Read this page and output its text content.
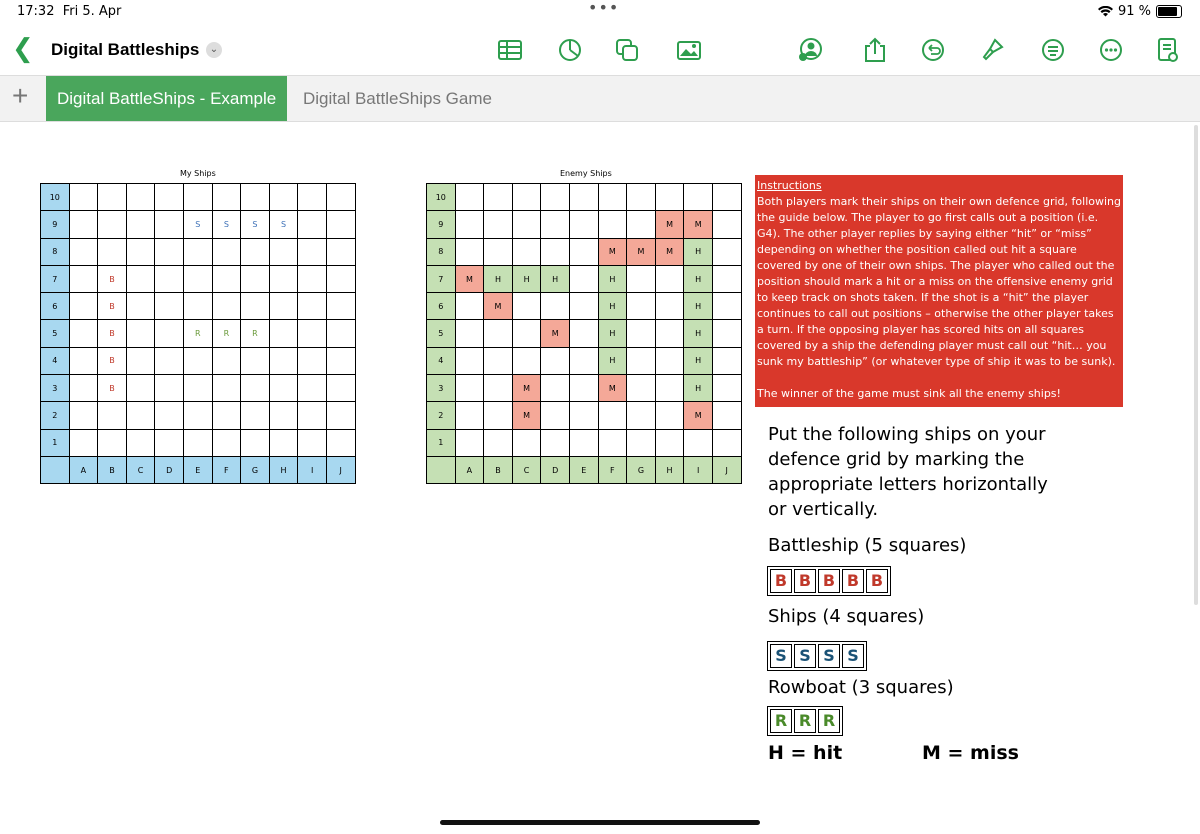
17:32 Fri 5. Apr	•••	91 %
❮ Digital Battleships	⌄
+	Digital BattleShips - Example	Digital BattleShips Game
My Ships
10										
9					S	S	S	S		
8										
7		B								
6		B								
5		B			R	R	R			
4		B								
3		B								
2										
1										
	A	B	C	D	E	F	G	H	I	J
Enemy Ships
10										
9								M	M	
8						M	M	M	H	
7	M	H	H	H		H			H	
6		M				H			H	
5				M		H			H	
4						H			H	
3			M			M			H	
2			M						M	
1										
	A	B	C	D	E	F	G	H	I	J

Instructions

Both players mark their ships on their own defence grid, following the guide below. The player to go first calls out a position (i.e. G4). The other player replies by saying either “hit” or “miss” depending on whether the position called out hit a square covered by one of their own ships. The player who called out the position should mark a hit or a miss on the offensive enemy grid to keep track on shots taken. If the shot is a “hit” the player continues to call out positions – otherwise the other player takes a turn. If the opposing player has scored hits on all squares covered by a ship the defending player must call out “hit… you sunk my battleship” (or whatever type of ship it was to be sunk).

The winner of the game must sink all the enemy ships!

Put the following ships on your defence grid by marking the appropriate letters horizontally or vertically.
Battleship (5 squares)
B B B B B
Ships (4 squares)
S S S S
Rowboat (3 squares)
R R R
H = hit	M = miss
